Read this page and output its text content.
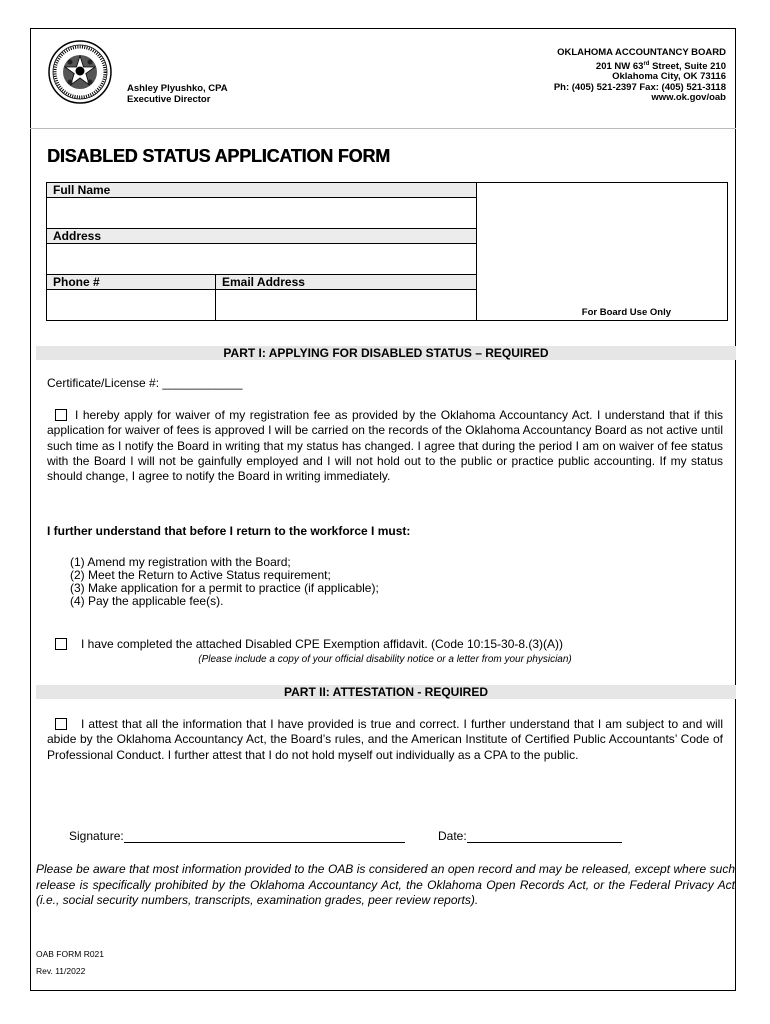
Ashley Plyushko, CPA
Executive Director
OKLAHOMA ACCOUNTANCY BOARD
201 NW 63rd Street, Suite 210
Oklahoma City, OK 73116
Ph: (405) 521-2397 Fax: (405) 521-3118
www.ok.gov/oab
DISABLED STATUS APPLICATION FORM
Full Name		For Board Use Only

Address		

Phone #	Email Address	

PART I: APPLYING FOR DISABLED STATUS – REQUIRED
Certificate/License #: ____________
I hereby apply for waiver of my registration fee as provided by the Oklahoma Accountancy Act. I understand that if this application for waiver of fees is approved I will be carried on the records of the Oklahoma Accountancy Board as not active until such time as I notify the Board in writing that my status has changed. I agree that during the period I am on waiver of fee status with the Board I will not be gainfully employed and I will not hold out to the public or practice public accounting. If my status should change, I agree to notify the Board in writing immediately.
I further understand that before I return to the workforce I must:
(1) Amend my registration with the Board;
(2) Meet the Return to Active Status requirement;
(3) Make application for a permit to practice (if applicable);
(4) Pay the applicable fee(s).
I have completed the attached Disabled CPE Exemption affidavit. (Code 10:15-30-8.(3)(A))
(Please include a copy of your official disability notice or a letter from your physician)
PART II: ATTESTATION - REQUIRED
I attest that all the information that I have provided is true and correct. I further understand that I am subject to and will abide by the Oklahoma Accountancy Act, the Board’s rules, and the American Institute of Certified Public Accountants’ Code of Professional Conduct. I further attest that I do not hold myself out individually as a CPA to the public.
Signature:	Date:
Please be aware that most information provided to the OAB is considered an open record and may be released, except where such release is specifically prohibited by the Oklahoma Accountancy Act, the Oklahoma Open Records Act, or the Federal Privacy Act (i.e., social security numbers, transcripts, examination grades, peer review reports).
OAB FORM R021
Rev. 11/2022
